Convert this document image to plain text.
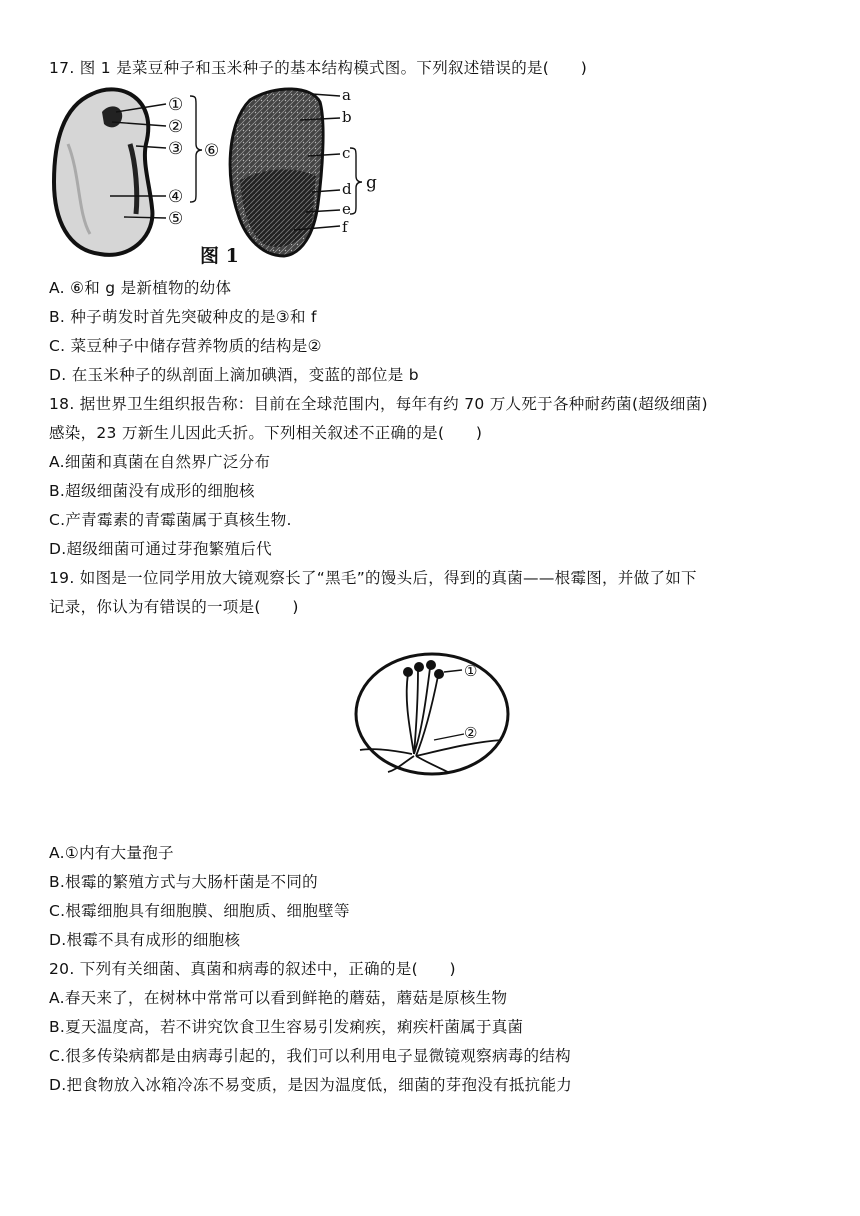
17. 图 1 是菜豆种子和玉米种子的基本结构模式图。下列叙述错误的是(　　)
①
②
③
④
⑤
⑥
a
b
c
d
e
f
g
图 1
A. ⑥和 g 是新植物的幼体
B. 种子萌发时首先突破种皮的是③和 f
C. 菜豆种子中储存营养物质的结构是②
D. 在玉米种子的纵剖面上滴加碘酒，变蓝的部位是 b
18. 据世界卫生组织报告称：目前在全球范围内，每年有约 70 万人死于各种耐药菌(超级细菌)
感染，23 万新生儿因此夭折。下列相关叙述不正确的是(　　)
A.细菌和真菌在自然界广泛分布
B.超级细菌没有成形的细胞核
C.产青霉素的青霉菌属于真核生物.
D.超级细菌可通过芽孢繁殖后代
19. 如图是一位同学用放大镜观察长了“黑毛”的馒头后，得到的真菌——根霉图，并做了如下
记录，你认为有错误的一项是(　　)
①
②
A.①内有大量孢子
B.根霉的繁殖方式与大肠杆菌是不同的
C.根霉细胞具有细胞膜、细胞质、细胞壁等
D.根霉不具有成形的细胞核
20. 下列有关细菌、真菌和病毒的叙述中，正确的是(　　)
A.春天来了，在树林中常常可以看到鲜艳的蘑菇，蘑菇是原核生物
B.夏天温度高，若不讲究饮食卫生容易引发痢疾，痢疾杆菌属于真菌
C.很多传染病都是由病毒引起的，我们可以利用电子显微镜观察病毒的结构
D.把食物放入冰箱冷冻不易变质，是因为温度低，细菌的芽孢没有抵抗能力
